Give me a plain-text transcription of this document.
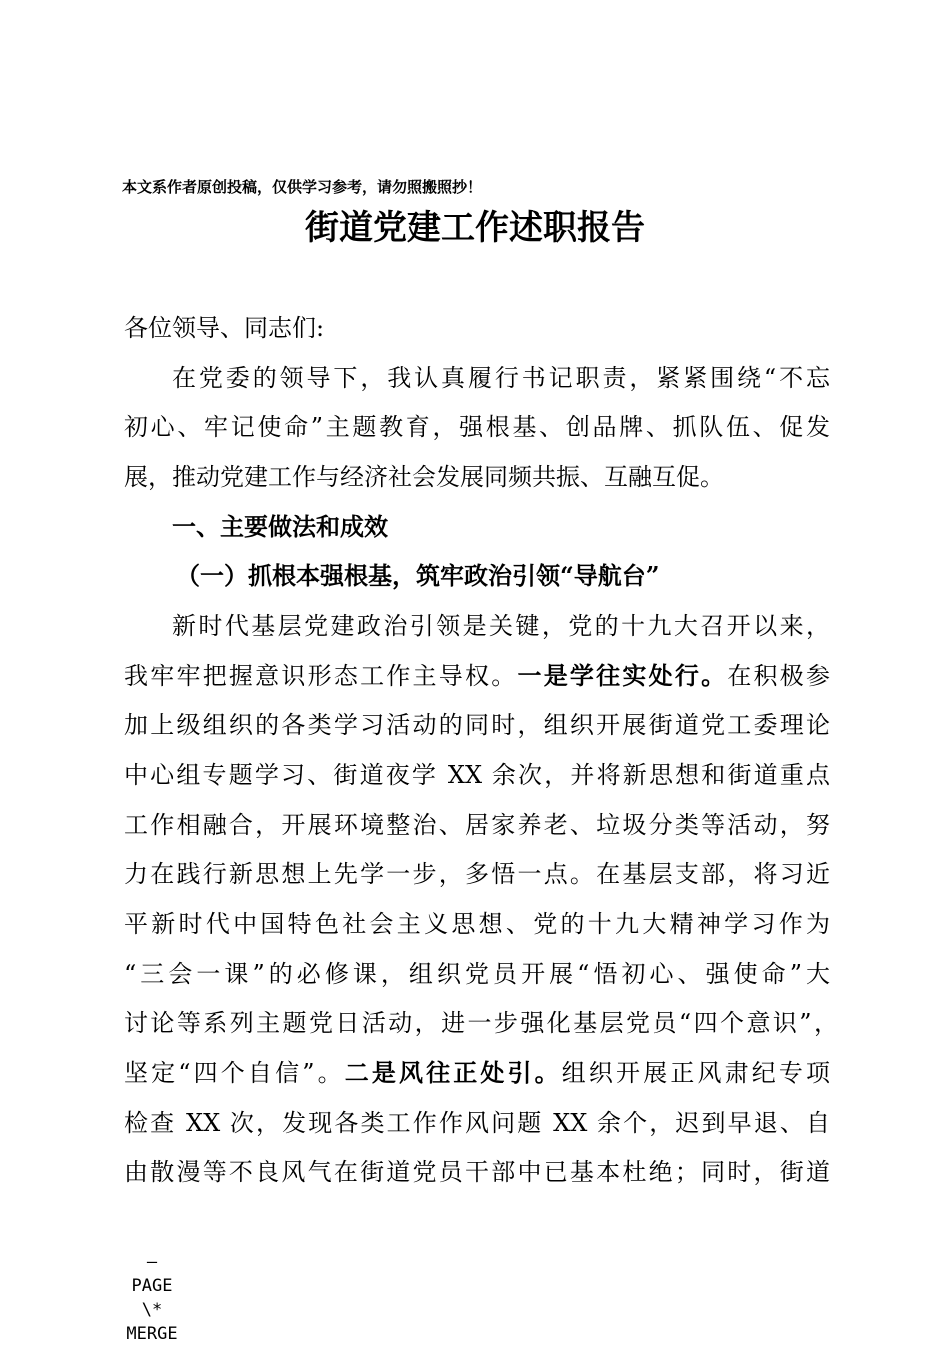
本文系作者原创投稿，仅供学习参考，请勿照搬照抄！
街道党建工作述职报告
各位领导、同志们:
在党委的领导下，我认真履行书记职责，紧紧围绕“不忘
初心、牢记使命”主题教育，强根基、创品牌、抓队伍、促发
展，推动党建工作与经济社会发展同频共振、互融互促。
一、主要做法和成效
（一）抓根本强根基，筑牢政治引领“导航台”
新时代基层党建政治引领是关键，党的十九大召开以来，
我牢牢把握意识形态工作主导权。一是学往实处行。在积极参
加上级组织的各类学习活动的同时，组织开展街道党工委理论
中心组专题学习、街道夜学 XX 余次，并将新思想和街道重点
工作相融合，开展环境整治、居家养老、垃圾分类等活动，努
力在践行新思想上先学一步，多悟一点。在基层支部，将习近
平新时代中国特色社会主义思想、党的十九大精神学习作为
“三会一课”的必修课，组织党员开展“悟初心、强使命”大
讨论等系列主题党日活动，进一步强化基层党员“四个意识”，
坚定“四个自信”。二是风往正处引。组织开展正风肃纪专项
检查 XX 次，发现各类工作作风问题 XX 余个，迟到早退、自
由散漫等不良风气在街道党员干部中已基本杜绝；同时，街道
—
PAGE
\*
MERGE
